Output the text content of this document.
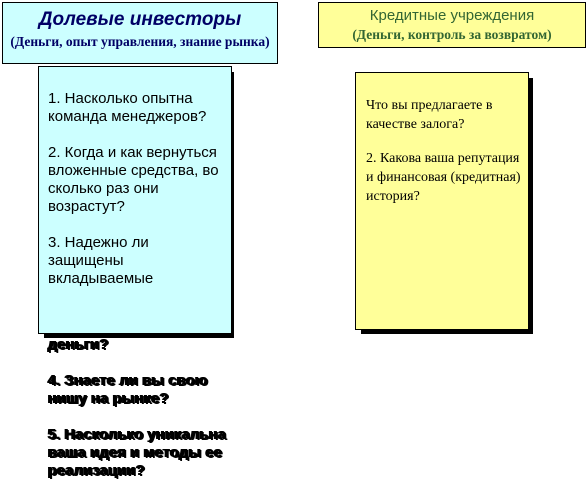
Долевые инвесторы
(Деньги, опыт управления, знание рынка)
Кредитные учреждения
(Деньги, контроль за возвратом)
1. Насколько опытна команда менеджеров?
2. Когда и как вернуться вложенные средства, во сколько раз они возрастут?
3. Надежно ли защищены вкладываемые
деньги?
4. Знаете ли вы свою нишу на рынке?
5. Насколько уникальна ваша идея и методы ее реализации?
Что вы предлагаете в качестве залога?
2. Какова ваша репутация и финансовая (кредитная) история?
